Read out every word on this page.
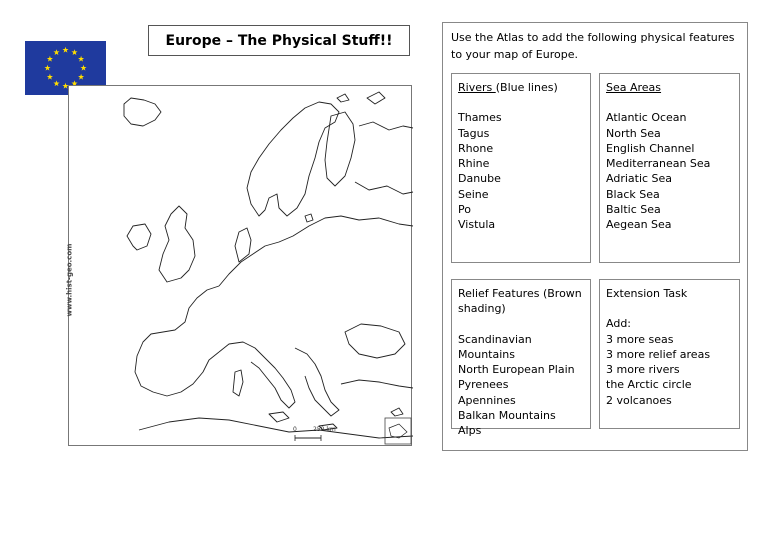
Europe – The Physical Stuff!!
www.hist-geo.com
0	250 km
Use the Atlas to add the following physical features to your map of Europe.
Rivers (Blue lines)
Thames
Tagus
Rhone
Rhine
Danube
Seine
Po
Vistula
Sea Areas
Atlantic Ocean
North Sea
English Channel
Mediterranean Sea
Adriatic Sea
Black Sea
Baltic Sea
Aegean Sea
Relief Features (Brown shading)
Scandinavian Mountains
North European Plain
Pyrenees
Apennines
Balkan Mountains
Alps
Extension Task
Add:
3 more seas
3 more relief areas
3 more rivers
the Arctic circle
2 volcanoes
